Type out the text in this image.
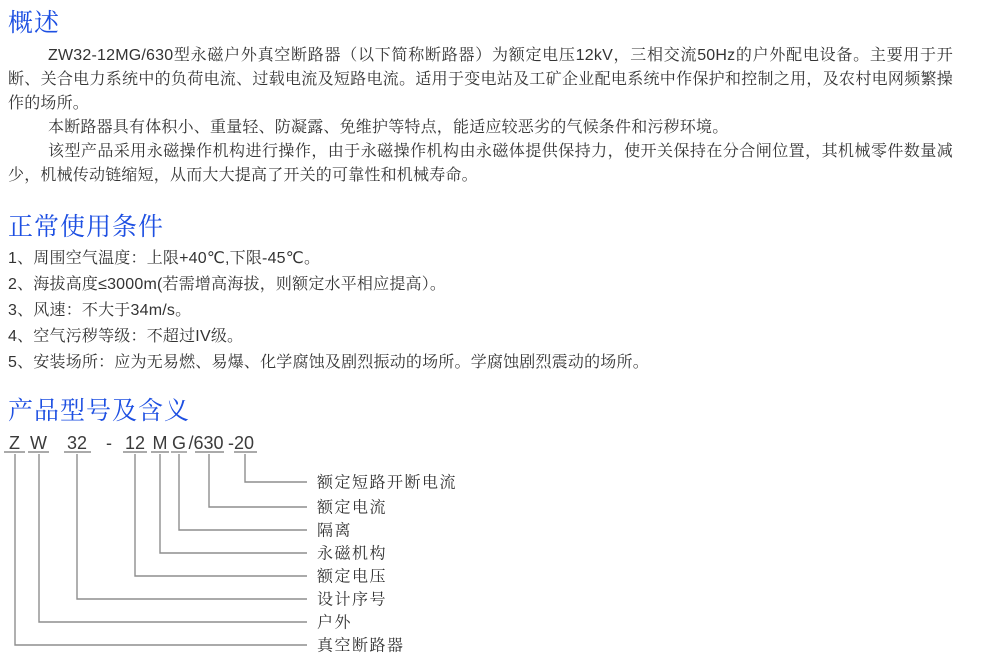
概述

ZW32-12MG/630型永磁户外真空断路器（以下简称断路器）为额定电压12kV，三相交流50Hz的户外配电设备。主要用于开断、关合电力系统中的负荷电流、过载电流及短路电流。适用于变电站及工矿企业配电系统中作保护和控制之用，及农村电网频繁操作的场所。

本断路器具有体积小、重量轻、防凝露、免维护等特点，能适应较恶劣的气候条件和污秽环境。

该型产品采用永磁操作机构进行操作，由于永磁操作机构由永磁体提供保持力，使开关保持在分合闸位置，其机械零件数量减少，机械传动链缩短，从而大大提高了开关的可靠性和机械寿命。

正常使用条件
1、周围空气温度：上限+40℃,下限-45℃。
2、海拔高度≤3000m(若需增高海拔，则额定水平相应提高）。
3、风速：不大于34m/s。
4、空气污秽等级：不超过IV级。
5、安装场所：应为无易燃、易爆、化学腐蚀及剧烈振动的场所。学腐蚀剧烈震动的场所。
产品型号及含义
Z
真空断路器
W
户外
32
设计序号
- 12
额定电压
M
永磁机构
G
隔离
/630
额定电流
-20
额定短路开断电流
